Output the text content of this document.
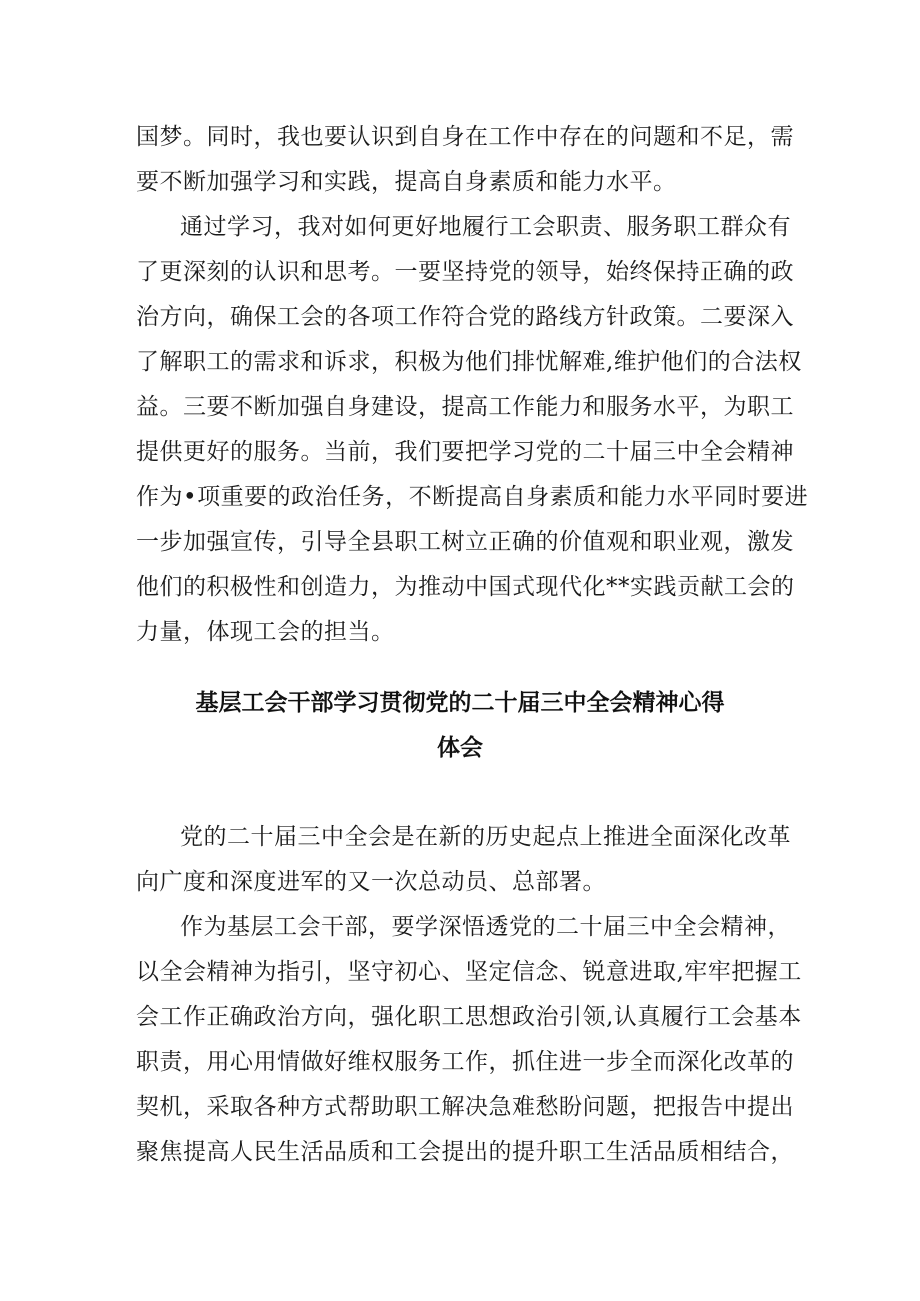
国梦。同时，我也要认识到自身在工作中存在的问题和不足，需
要不断加强学习和实践，提高自身素质和能力水平。
通过学习，我对如何更好地履行工会职责、服务职工群众有
了更深刻的认识和思考。一要坚持党的领导，始终保持正确的政
治方向，确保工会的各项工作符合党的路线方针政策。二要深入
了解职工的需求和诉求，积极为他们排忧解难,维护他们的合法权
益。三要不断加强自身建设，提高工作能力和服务水平，为职工
提供更好的服务。当前，我们要把学习党的二十届三中全会精神
作为•项重要的政治任务，不断提高自身素质和能力水平同时要进
一步加强宣传，引导全县职工树立正确的价值观和职业观，激发
他们的积极性和创造力，为推动中国式现代化**实践贡献工会的
力量，体现工会的担当。
基层工会干部学习贯彻党的二十届三中全会精神心得
体会
党的二十届三中全会是在新的历史起点上推进全面深化改革
向广度和深度进军的又一次总动员、总部署。
作为基层工会干部，要学深悟透党的二十届三中全会精神，
以全会精神为指引，坚守初心、坚定信念、锐意进取,牢牢把握工
会工作正确政治方向，强化职工思想政治引领,认真履行工会基本
职责，用心用情做好维权服务工作，抓住进一步全而深化改革的
契机，采取各种方式帮助职工解决急难愁盼问题，把报告中提出
聚焦提高人民生活品质和工会提出的提升职工生活品质相结合，
